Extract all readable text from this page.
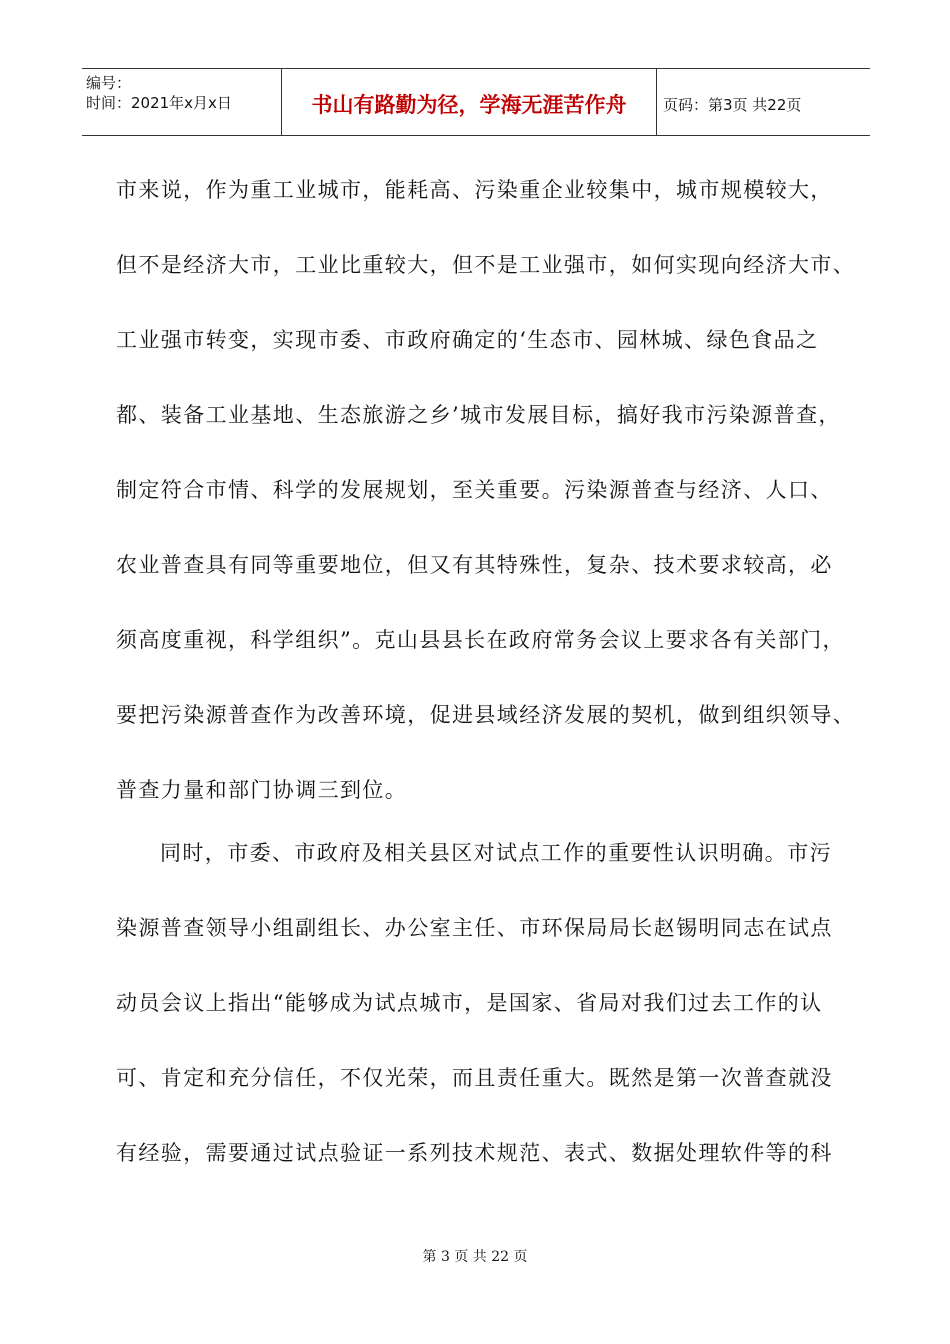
编号：
时间：2021年x月x日	书山有路勤为径，学海无涯苦作舟	页码：第3页 共22页
市来说，作为重工业城市，能耗高、污染重企业较集中，城市规模较大，
但不是经济大市，工业比重较大，但不是工业强市，如何实现向经济大市、
工业强市转变，实现市委、市政府确定的‘生态市、园林城、绿色食品之
都、装备工业基地、生态旅游之乡’城市发展目标，搞好我市污染源普查，
制定符合市情、科学的发展规划，至关重要。污染源普查与经济、人口、
农业普查具有同等重要地位，但又有其特殊性，复杂、技术要求较高，必
须高度重视，科学组织”。克山县县长在政府常务会议上要求各有关部门，
要把污染源普查作为改善环境，促进县域经济发展的契机，做到组织领导、
普查力量和部门协调三到位。
同时，市委、市政府及相关县区对试点工作的重要性认识明确。市污
染源普查领导小组副组长、办公室主任、市环保局局长赵锡明同志在试点
动员会议上指出“能够成为试点城市，是国家、省局对我们过去工作的认
可、肯定和充分信任，不仅光荣，而且责任重大。既然是第一次普查就没
有经验，需要通过试点验证一系列技术规范、表式、数据处理软件等的科
第 3 页 共 22 页
